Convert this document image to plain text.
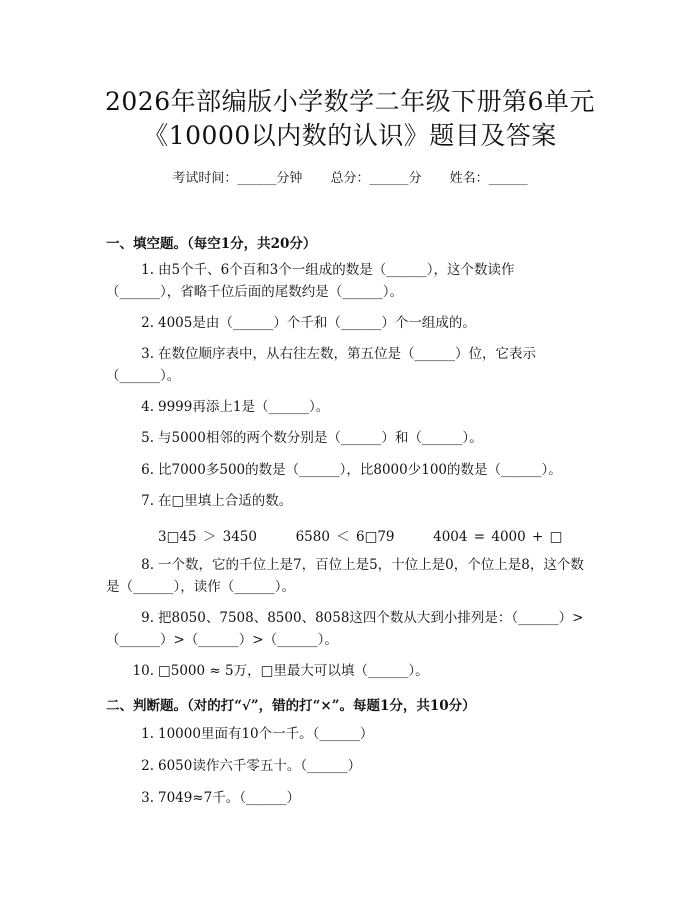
2026年部编版小学数学二年级下册第6单元
《10000以内数的认识》题目及答案
考试时间：______分钟 总分：______分 姓名：______
一、填空题。（每空1分，共20分）
1. 由5个千、6个百和3个一组成的数是（______），这个数读作
（______），省略千位后面的尾数约是（______）。
2. 4005是由（______）个千和（______）个一组成的。
3. 在数位顺序表中，从右往左数，第五位是（______）位，它表示
（______）。
4. 9999再添上1是（______）。
5. 与5000相邻的两个数分别是（______）和（______）。
6. 比7000多500的数是（______），比8000少100的数是（______）。
7. 在□里填上合适的数。
3□45 ＞ 3450	6580 ＜ 6□79	4004 = 4000 + □
8. 一个数，它的千位上是7，百位上是5，十位上是0，个位上是8，这个数
是（______），读作（______）。
9. 把8050、7508、8500、8058这四个数从大到小排列是：（______）>
（______）>（______）>（______）。
10. □5000 ≈ 5万，□里最大可以填（______）。
二、判断题。（对的打“√”，错的打“×”。每题1分，共10分）
1. 10000里面有10个一千。（______）
2. 6050读作六千零五十。（______）
3. 7049≈7千。（______）
